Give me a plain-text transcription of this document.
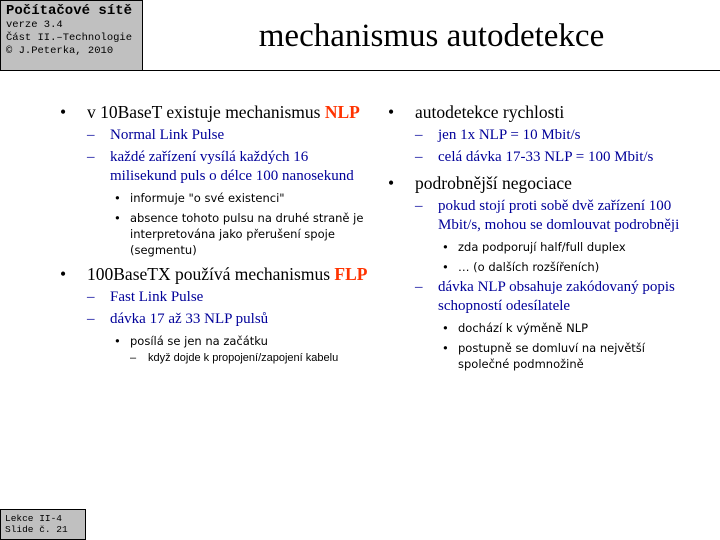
Počítačové sítě
verze 3.4
Část II.–Technologie
© J.Peterka, 2010	mechanismus autodetekce
• v 10BaseT existuje mechanismus NLP
– Normal Link Pulse
– každé zařízení vysílá každých 16 milisekund puls o délce 100 nanosekund
• informuje "o své existenci"
• absence tohoto pulsu na druhé straně je interpretována jako přerušení spoje (segmentu)
• 100BaseTX používá mechanismus FLP
– Fast Link Pulse
– dávka 17 až 33 NLP pulsů
• posílá se jen na začátku
– když dojde k propojení/zapojení kabelu
• autodetekce rychlosti
– jen 1x NLP = 10 Mbit/s
– celá dávka 17-33 NLP = 100 Mbit/s
• podrobnější negociace
– pokud stojí proti sobě dvě zařízení 100 Mbit/s, mohou se domlouvat podrobněji
• zda podporují half/full duplex
• … (o dalších rozšířeních)
– dávka NLP obsahuje zakódovaný popis schopností odesílatele
• dochází k výměně NLP
• postupně se domluví na největší společné podmnožině
Lekce II-4
Slide č. 21
